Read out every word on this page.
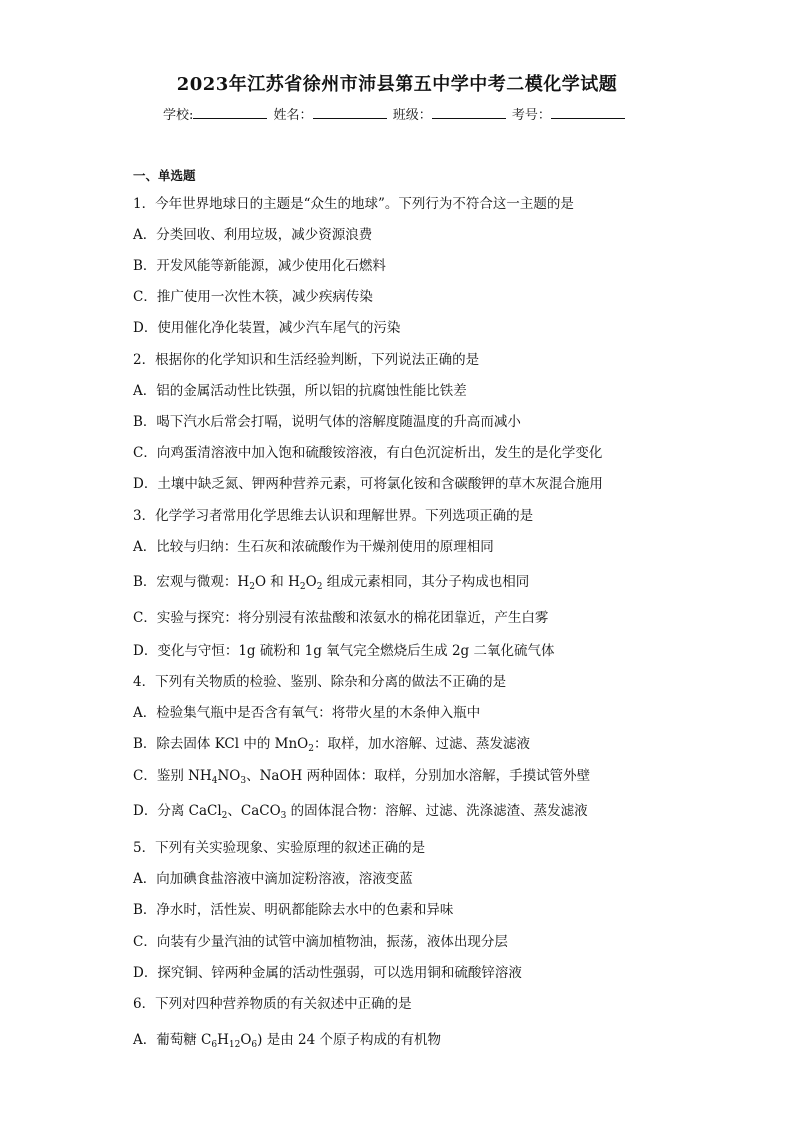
2023年江苏省徐州市沛县第五中学中考二模化学试题
学校:	姓名：	班级：	考号：
一、单选题
1．今年世界地球日的主题是“众生的地球”。下列行为不符合这一主题的是
A．分类回收、利用垃圾，减少资源浪费
B．开发风能等新能源，减少使用化石燃料
C．推广使用一次性木筷，减少疾病传染
D．使用催化净化装置，减少汽车尾气的污染
2．根据你的化学知识和生活经验判断，下列说法正确的是
A．铝的金属活动性比铁强，所以铝的抗腐蚀性能比铁差
B．喝下汽水后常会打嗝，说明气体的溶解度随温度的升高而减小
C．向鸡蛋清溶液中加入饱和硫酸铵溶液，有白色沉淀析出，发生的是化学变化
D．土壤中缺乏氮、钾两种营养元素，可将氯化铵和含碳酸钾的草木灰混合施用
3．化学学习者常用化学思维去认识和理解世界。下列选项正确的是
A．比较与归纳：生石灰和浓硫酸作为干燥剂使用的原理相同
B．宏观与微观：$H_2O$ 和 $H_2O_2$ 组成元素相同，其分子构成也相同
C．实验与探究：将分别浸有浓盐酸和浓氨水的棉花团靠近，产生白雾
D．变化与守恒：1g 硫粉和 1g 氧气完全燃烧后生成 2g 二氧化硫气体
4．下列有关物质的检验、鉴别、除杂和分离的做法不正确的是
A．检验集气瓶中是否含有氧气：将带火星的木条伸入瓶中
B．除去固体 KCl 中的 MnO$_2$：取样，加水溶解、过滤、蒸发滤液
C．鉴别 $NH_4NO_3$、NaOH 两种固体：取样，分别加水溶解，手摸试管外壁
D．分离 CaCl$_2$、CaCO$_3$ 的固体混合物：溶解、过滤、洗涤滤渣、蒸发滤液
5．下列有关实验现象、实验原理的叙述正确的是
A．向加碘食盐溶液中滴加淀粉溶液，溶液变蓝
B．净水时，活性炭、明矾都能除去水中的色素和异味
C．向装有少量汽油的试管中滴加植物油，振荡，液体出现分层
D．探究铜、锌两种金属的活动性强弱，可以选用铜和硫酸锌溶液
6．下列对四种营养物质的有关叙述中正确的是
A．葡萄糖 $C_6H_{12}O_6$) 是由 24 个原子构成的有机物
